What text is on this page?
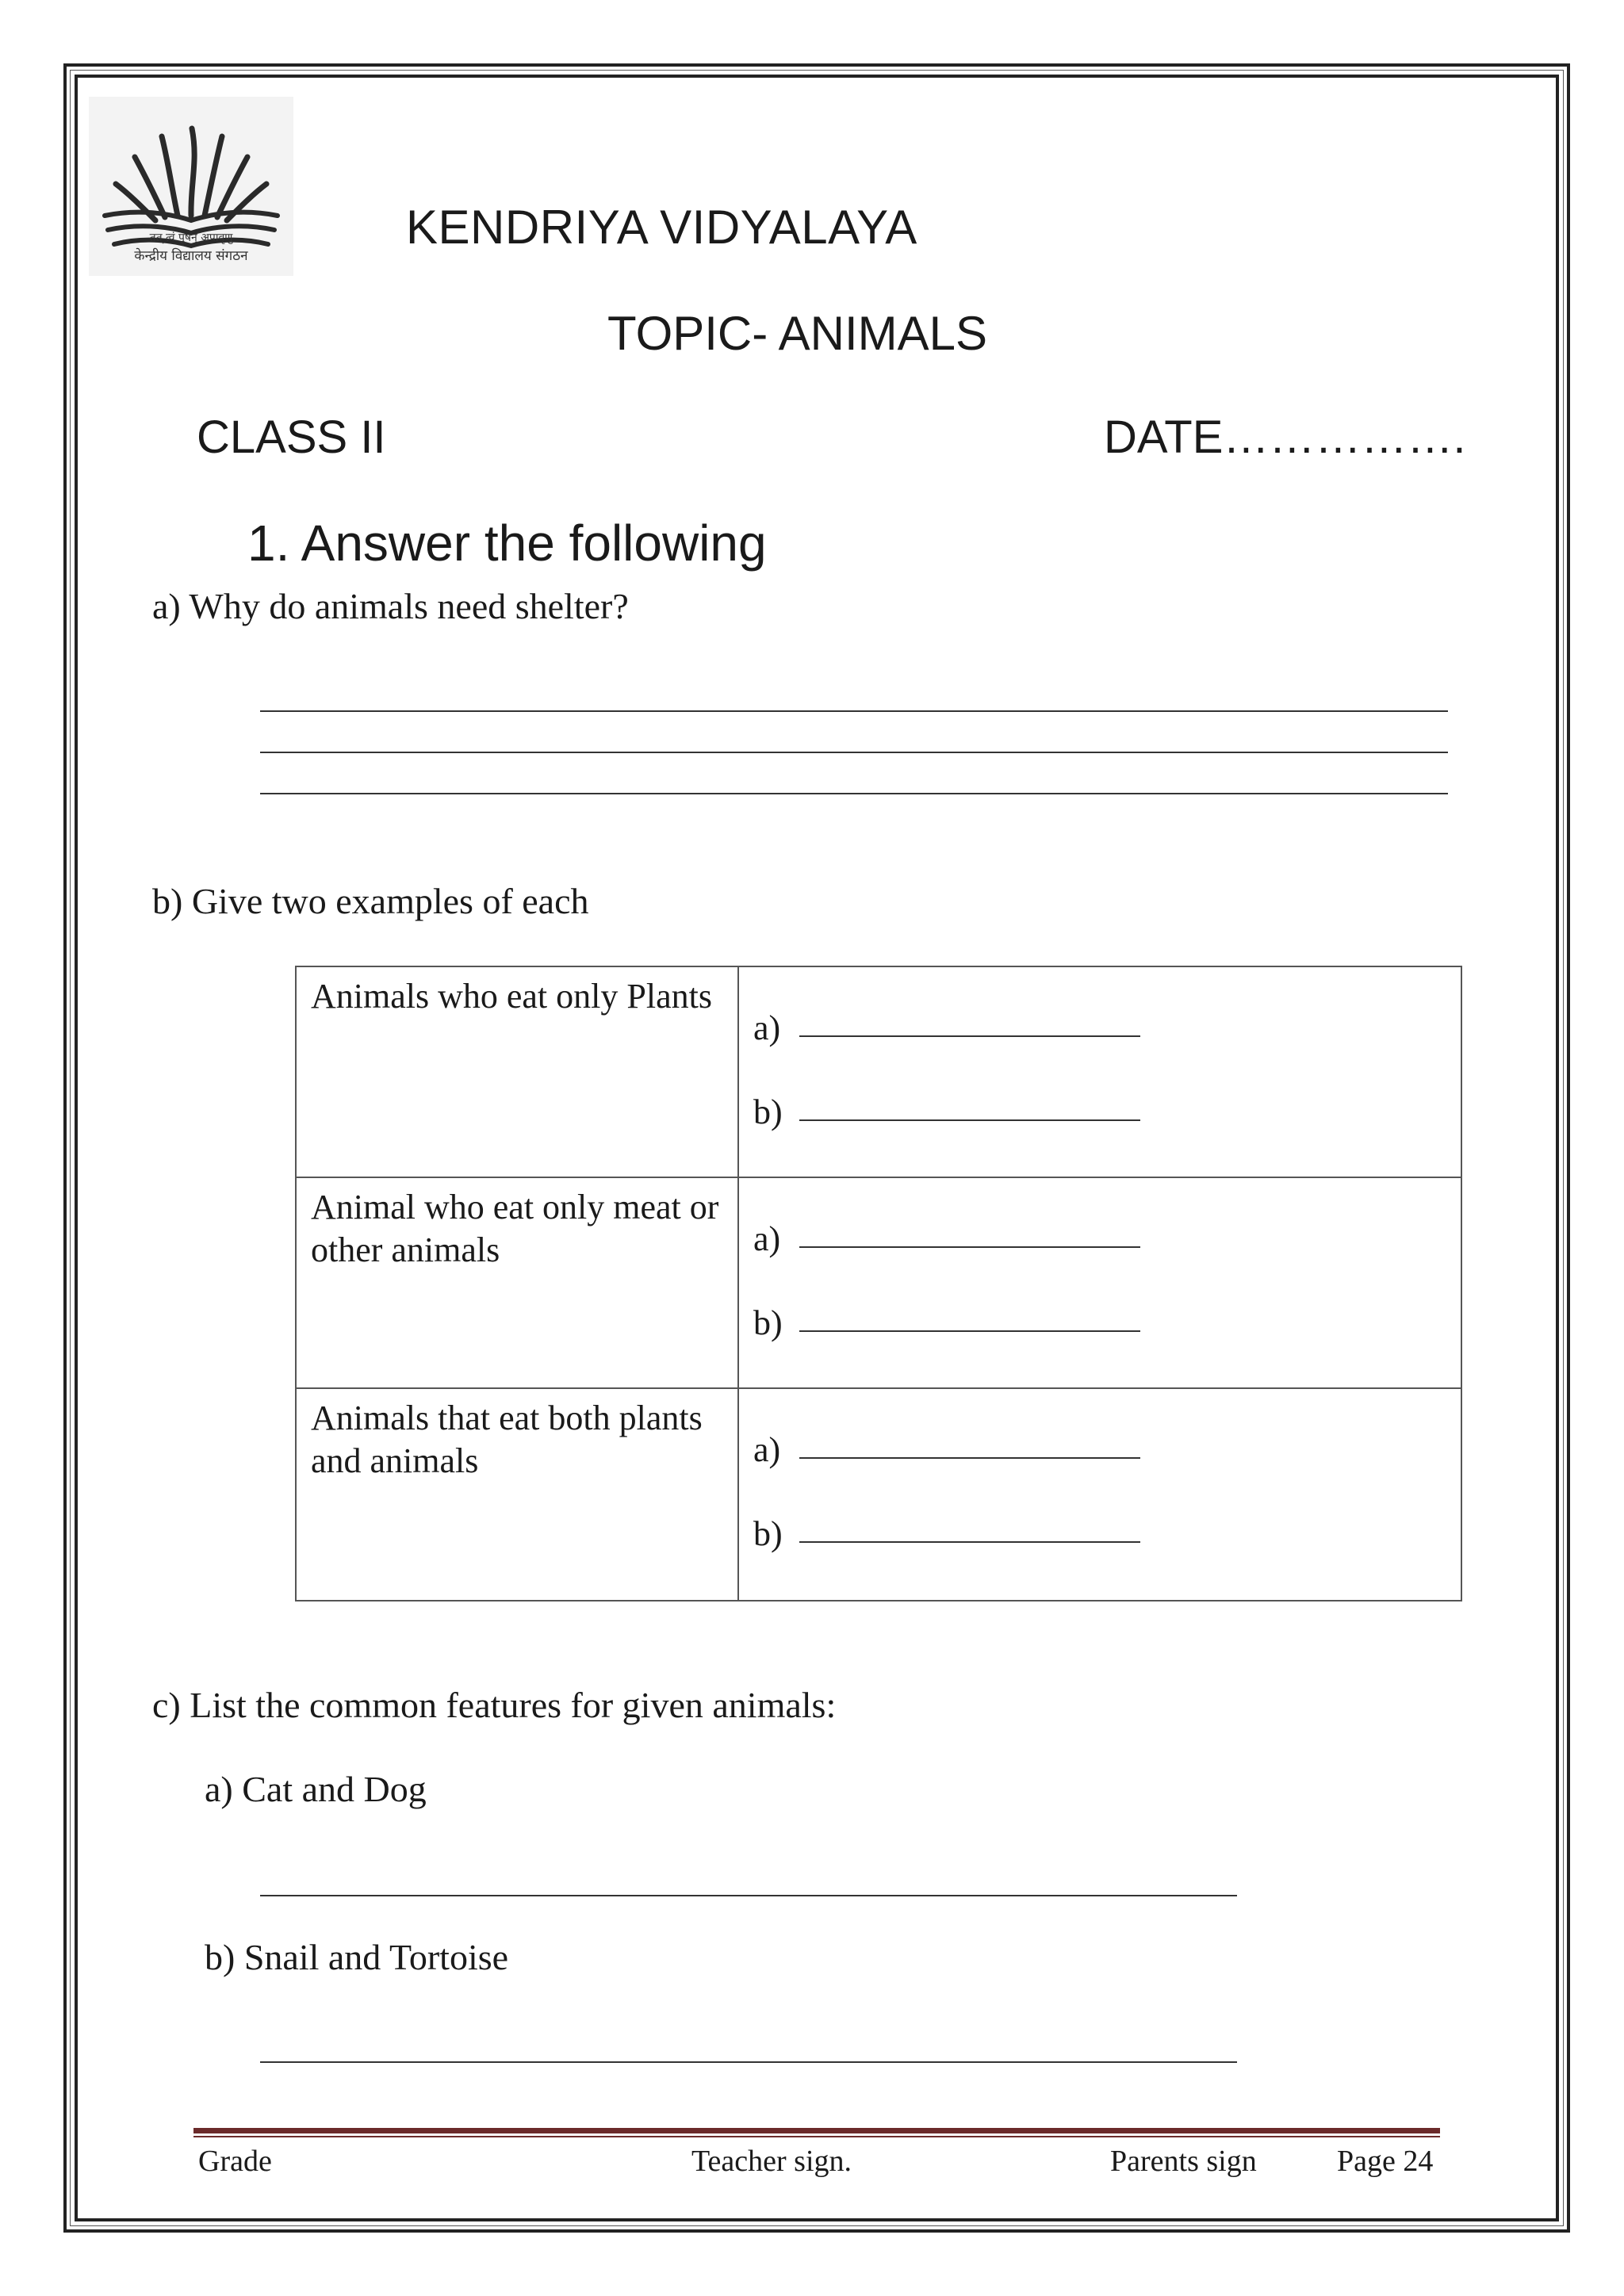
तत् त्वं पूषन् अपावृणु
केन्द्रीय विद्यालय संगठन
KENDRIYA VIDYALAYA
TOPIC- ANIMALS
CLASS II	DATE…………….
1. Answer the following
a) Why do animals need shelter?
b) Give two examples of each
Animals who eat only Plants	a)
b)

Animal who eat only meat or other animals	a)
b)

Animals that eat both plants and animals	a)
b)
c) List the common features for given animals:
a) Cat and Dog
b) Snail and Tortoise
Grade	Teacher sign.	Parents sign	Page 24
